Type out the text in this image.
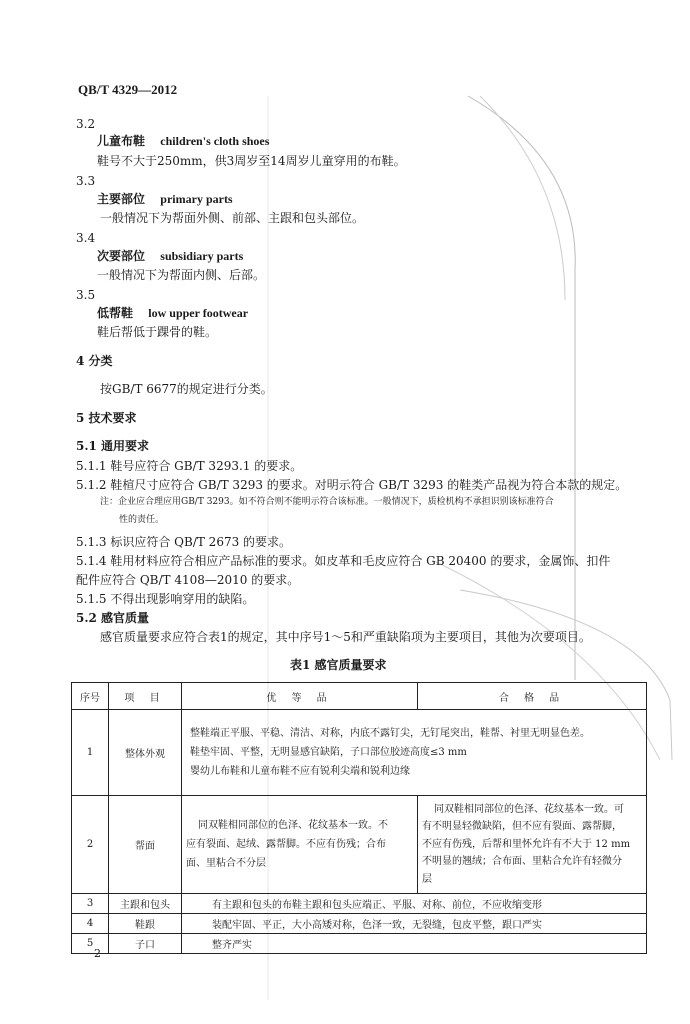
QB/T 4329—2012
3.2
儿童布鞋 children's cloth shoes
鞋号不大于250mm，供3周岁至14周岁儿童穿用的布鞋。
3.3
主要部位 primary parts
一般情况下为帮面外侧、前部、主跟和包头部位。
3.4
次要部位 subsidiary parts
一般情况下为帮面内侧、后部。
3.5
低帮鞋 low upper footwear
鞋后帮低于踝骨的鞋。
4 分类
按GB/T 6677的规定进行分类。
5 技术要求
5.1 通用要求
5.1.1 鞋号应符合 GB/T 3293.1 的要求。
5.1.2 鞋楦尺寸应符合 GB/T 3293 的要求。对明示符合 GB/T 3293 的鞋类产品视为符合本款的规定。
注：企业应合理应用GB/T 3293。如不符合则不能明示符合该标准。一般情况下，质检机构不承担识别该标准符合
性的责任。
5.1.3 标识应符合 QB/T 2673 的要求。
5.1.4 鞋用材料应符合相应产品标准的要求。如皮革和毛皮应符合 GB 20400 的要求，金属饰、扣件
配件应符合 QB/T 4108—2010 的要求。
5.1.5 不得出现影响穿用的缺陷。
5.2 感官质量
感官质量要求应符合表1的规定，其中序号1～5和严重缺陷项为主要项目，其他为次要项目。
表1 感官质量要求
序号	项 目	优 等 品	合 格 品
1	整体外观	整鞋端正平服、平稳、清洁、对称，内底不露钉尖，无钉尾突出，鞋帮、衬里无明显色差。
鞋垫牢固、平整，无明显感官缺陷，子口部位胶迹高度≤3 mm
婴幼儿布鞋和儿童布鞋不应有锐利尖端和锐利边缘	

2	帮面	同双鞋相同部位的色泽、花纹基本一致。不
应有裂面、起绒、露帮脚。不应有伤残；合布
面、里粘合不分层	同双鞋相同部位的色泽、花纹基本一致。可
有不明显轻微缺陷，但不应有裂面、露帮脚，
不应有伤残，后帮和里怀允许有不大于 12 mm
不明显的翘绒；合布面、里粘合允许有轻微分
层

3	主跟和包头	有主跟和包头的布鞋主跟和包头应端正、平服、对称、前位，不应收缩变形	
4	鞋跟	装配牢固、平正，大小高矮对称，色泽一致，无裂缝，包皮平整，跟口严实	
5	子口	整齐严实	
2
